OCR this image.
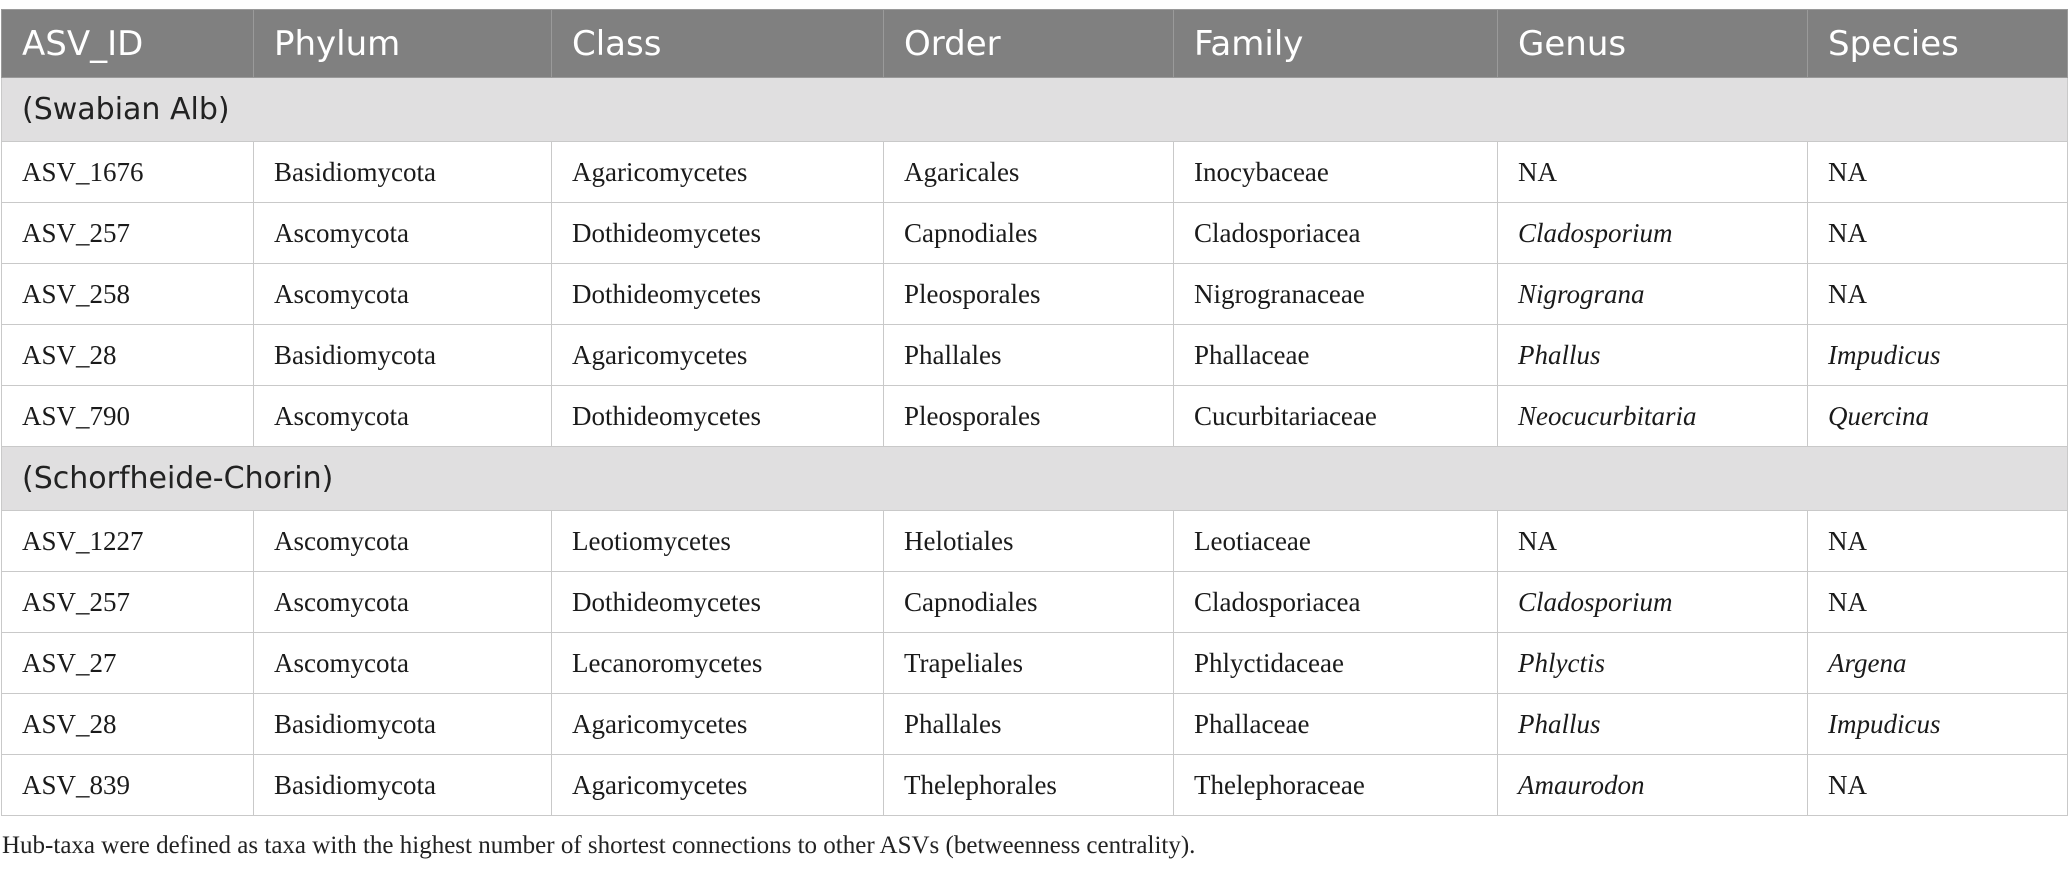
ASV_ID	Phylum	Class	Order	Family	Genus	Species
(Swabian Alb)						
ASV_1676	Basidiomycota	Agaricomycetes	Agaricales	Inocybaceae	NA	NA
ASV_257	Ascomycota	Dothideomycetes	Capnodiales	Cladosporiacea	Cladosporium	NA
ASV_258	Ascomycota	Dothideomycetes	Pleosporales	Nigrogranaceae	Nigrograna	NA
ASV_28	Basidiomycota	Agaricomycetes	Phallales	Phallaceae	Phallus	Impudicus
ASV_790	Ascomycota	Dothideomycetes	Pleosporales	Cucurbitariaceae	Neocucurbitaria	Quercina
(Schorfheide-Chorin)						
ASV_1227	Ascomycota	Leotiomycetes	Helotiales	Leotiaceae	NA	NA
ASV_257	Ascomycota	Dothideomycetes	Capnodiales	Cladosporiacea	Cladosporium	NA
ASV_27	Ascomycota	Lecanoromycetes	Trapeliales	Phlyctidaceae	Phlyctis	Argena
ASV_28	Basidiomycota	Agaricomycetes	Phallales	Phallaceae	Phallus	Impudicus
ASV_839	Basidiomycota	Agaricomycetes	Thelephorales	Thelephoraceae	Amaurodon	NA
Hub-taxa were defined as taxa with the highest number of shortest connections to other ASVs (betweenness centrality).
